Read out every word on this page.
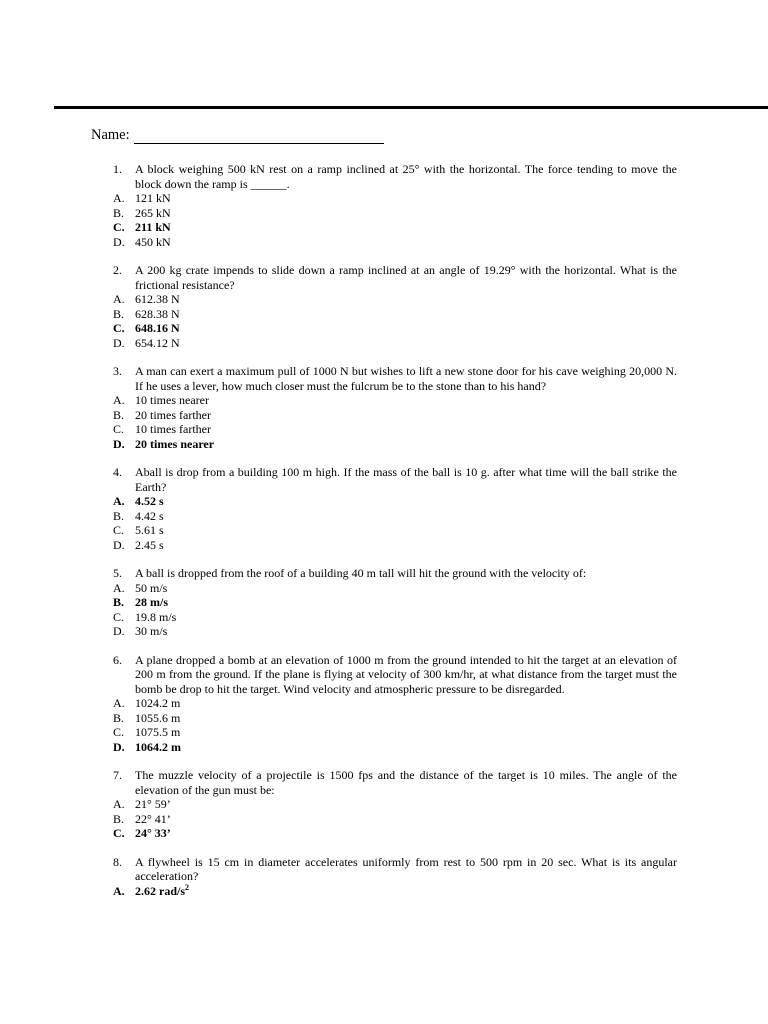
Name:
1.	A block weighing 500 kN rest on a ramp inclined at 25° with the horizontal. The force tending to move the block down the ramp is ______.
A. 121 kN
B. 265 kN
C. 211 kN
D. 450 kN
2.	A 200 kg crate impends to slide down a ramp inclined at an angle of 19.29° with the horizontal. What is the frictional resistance?
A. 612.38 N
B. 628.38 N
C. 648.16 N
D. 654.12 N
3.	A man can exert a maximum pull of 1000 N but wishes to lift a new stone door for his cave weighing 20,000 N. If he uses a lever, how much closer must the fulcrum be to the stone than to his hand?
A. 10 times nearer
B. 20 times farther
C. 10 times farther
D. 20 times nearer
4.	Aball is drop from a building 100 m high. If the mass of the ball is 10 g. after what time will the ball strike the Earth?
A. 4.52 s
B. 4.42 s
C. 5.61 s
D. 2.45 s
5.	A ball is dropped from the roof of a building 40 m tall will hit the ground with the velocity of:
A. 50 m/s
B. 28 m/s
C. 19.8 m/s
D. 30 m/s
6.	A plane dropped a bomb at an elevation of 1000 m from the ground intended to hit the target at an elevation of 200 m from the ground. If the plane is flying at velocity of 300 km/hr, at what distance from the target must the bomb be drop to hit the target. Wind velocity and atmospheric pressure to be disregarded.
A. 1024.2 m
B. 1055.6 m
C. 1075.5 m
D. 1064.2 m
7.	The muzzle velocity of a projectile is 1500 fps and the distance of the target is 10 miles. The angle of the elevation of the gun must be:
A. 21° 59’
B. 22° 41’
C. 24° 33’
8.	A flywheel is 15 cm in diameter accelerates uniformly from rest to 500 rpm in 20 sec. What is its angular acceleration?
A. 2.62 rad/$s^2$
